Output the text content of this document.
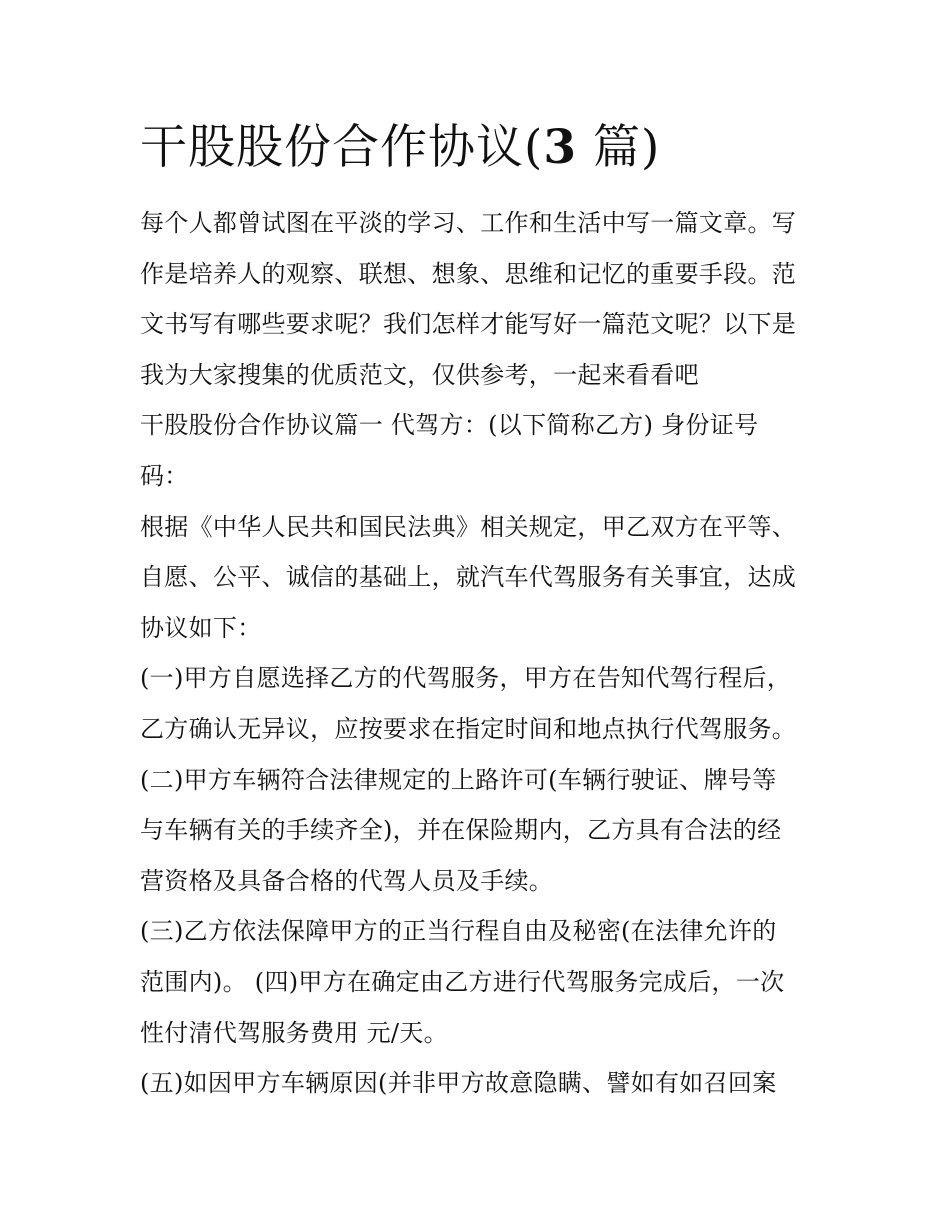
干股股份合作协议(3 篇)
每个人都曾试图在平淡的学习、工作和生活中写一篇文章。写
作是培养人的观察、联想、想象、思维和记忆的重要手段。范
文书写有哪些要求呢？我们怎样才能写好一篇范文呢？以下是
我为大家搜集的优质范文，仅供参考，一起来看看吧
干股股份合作协议篇一 代驾方：(以下简称乙方) 身份证号
码：
根据《中华人民共和国民法典》相关规定，甲乙双方在平等、
自愿、公平、诚信的基础上，就汽车代驾服务有关事宜，达成
协议如下：
(一)甲方自愿选择乙方的代驾服务，甲方在告知代驾行程后，
乙方确认无异议，应按要求在指定时间和地点执行代驾服务。
(二)甲方车辆符合法律规定的上路许可(车辆行驶证、牌号等
与车辆有关的手续齐全)，并在保险期内，乙方具有合法的经
营资格及具备合格的代驾人员及手续。
(三)乙方依法保障甲方的正当行程自由及秘密(在法律允许的
范围内)。 (四)甲方在确定由乙方进行代驾服务完成后，一次
性付清代驾服务费用 元/天。
(五)如因甲方车辆原因(并非甲方故意隐瞒、譬如有如召回案
